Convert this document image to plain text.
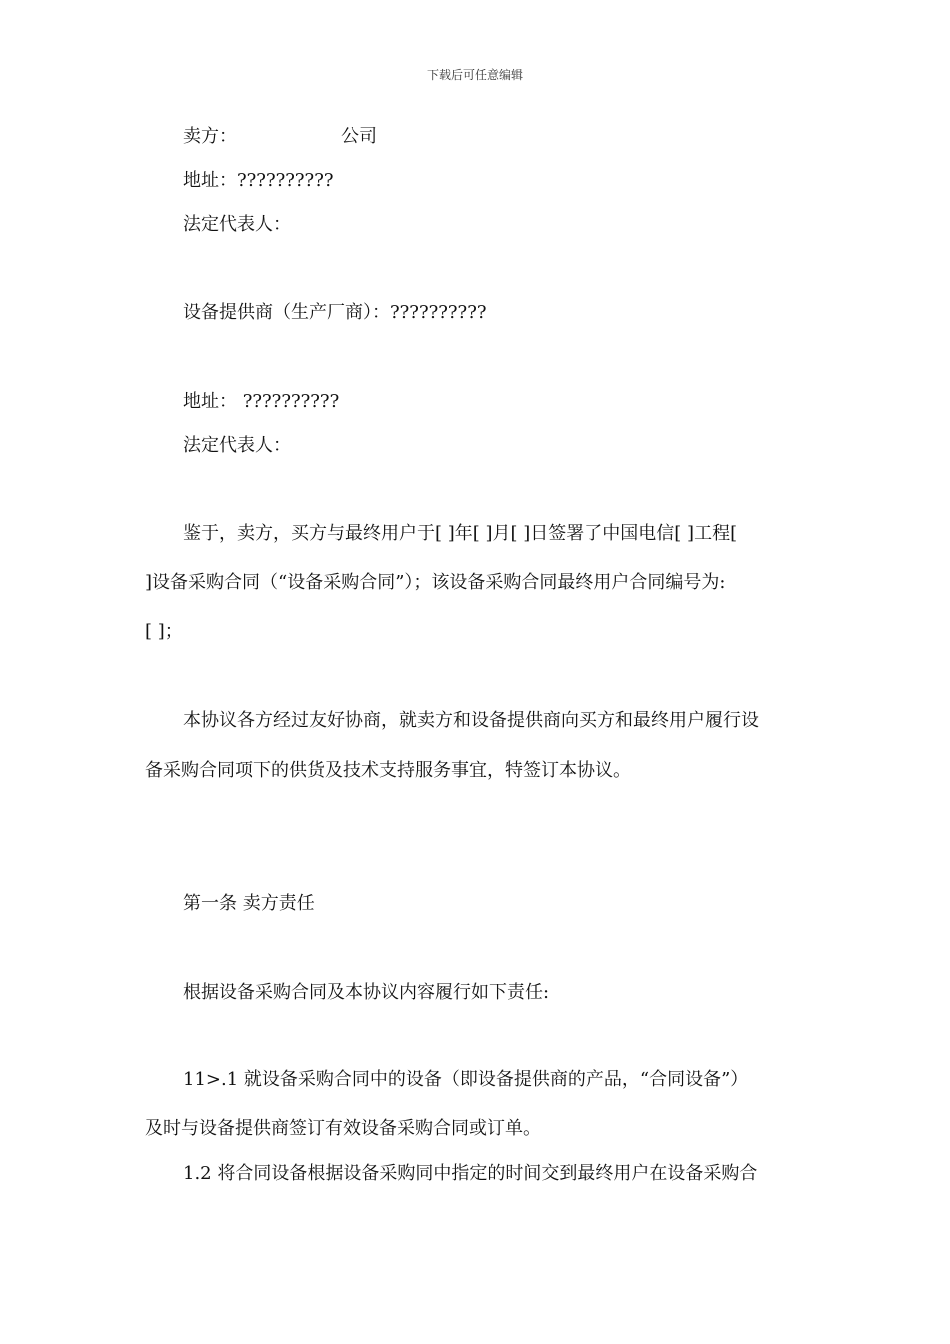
下载后可任意编辑
卖方：	公司
地址：??????????
法定代表人：
设备提供商（生产厂商）：??????????
地址： ??????????
法定代表人：
鉴于，卖方，买方与最终用户于[ ]年[ ]月[ ]日签署了中国电信[ ]工程[
]设备采购合同（“设备采购合同”）；该设备采购合同最终用户合同编号为:
[ ]；
本协议各方经过友好协商，就卖方和设备提供商向买方和最终用户履行设
备采购合同项下的供货及技术支持服务事宜，特签订本协议。
第一条 卖方责任
根据设备采购合同及本协议内容履行如下责任:
11>.1 就设备采购合同中的设备（即设备提供商的产品，“合同设备”）
及时与设备提供商签订有效设备采购合同或订单。
1.2 将合同设备根据设备采购同中指定的时间交到最终用户在设备采购合
